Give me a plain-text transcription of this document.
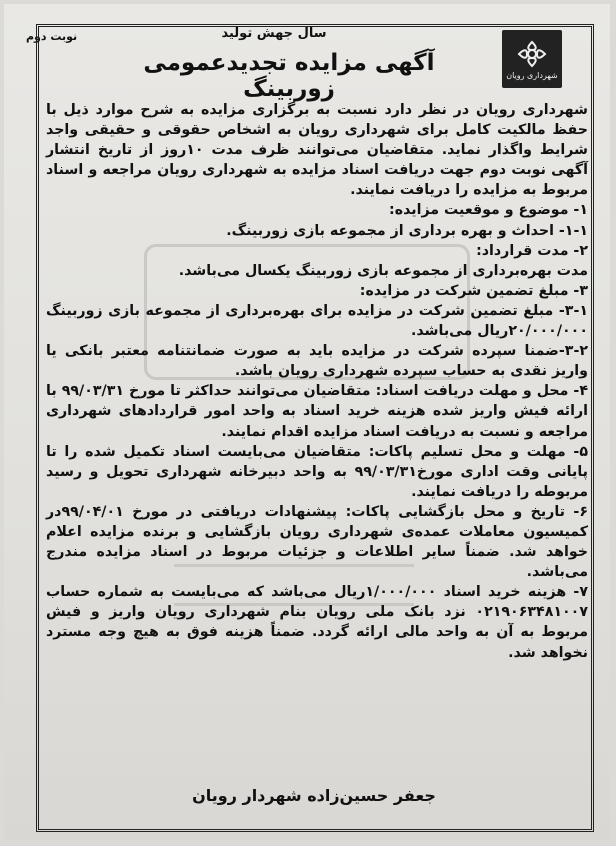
نوبت دوم	سال جهش تولید
شهرداری رویان
آگهی مزایده تجدیدعمومی زوربینگ

شهرداری رویان در نظر دارد نسبت به برگزاری مزایده به شرح موارد ذیل با حفظ مالکیت کامل برای شهرداری رویان به اشخاص حقوقی و حقیقی واجد شرایط واگذار نماید. متقاضیان می‌توانند ظرف مدت ۱۰روز از تاریخ انتشار آگهی نوبت دوم جهت دریافت اسناد مزایده به شهرداری رویان مراجعه و اسناد مربوط به مزایده را دریافت نمایند.

۱- موضوع و موقعیت مزایده:

۱-۱- احداث و بهره برداری از مجموعه بازی زوربینگ.

۲- مدت قرارداد:

مدت بهره‌برداری از مجموعه بازی زوربینگ یکسال می‌باشد.

۳- مبلغ تضمین شرکت در مزایده:

۳-۱- مبلغ تضمین شرکت در مزایده برای بهره‌برداری از مجموعه بازی زوربینگ ۲۰/۰۰۰/۰۰۰ریال می‌باشد.

۳-۲-ضمنا سپرده شرکت در مزایده باید به صورت ضمانتنامه معتبر بانکی یا واریز نقدی به حساب سپرده شهرداری رویان باشد.

۴- محل و مهلت دریافت اسناد: متقاضیان می‌توانند حداکثر تا مورخ ۹۹/۰۳/۳۱ با ارائه فیش واریز شده هزینه خرید اسناد به واحد امور قراردادهای شهرداری مراجعه و نسبت به دریافت اسناد مزایده اقدام نمایند.

۵- مهلت و محل تسلیم پاکات: متقاضیان می‌بایست اسناد تکمیل شده را تا پایانی وقت اداری مورخ۹۹/۰۳/۳۱ به واحد دبیرخانه شهرداری تحویل و رسید مربوطه را دریافت نمایند.

۶- تاریخ و محل بازگشایی پاکات: پیشنهادات دریافتی در مورخ ۹۹/۰۴/۰۱در کمیسیون معاملات عمده‌ی شهرداری رویان بازگشایی و برنده مزایده اعلام خواهد شد. ضمناً سایر اطلاعات و جزئیات مربوط در اسناد مزایده مندرج می‌باشد.

۷- هزینه خرید اسناد ۱/۰۰۰/۰۰۰ریال می‌باشد که می‌بایست به شماره حساب ۰۲۱۹۰۶۳۴۸۱۰۰۷ نزد بانک ملی رویان بنام شهرداری رویان واریز و فیش مربوط به آن به واحد مالی ارائه گردد. ضمناً هزینه فوق به هیچ وجه مسترد نخواهد شد.

جعفر حسین‌زاده شهردار رویان
